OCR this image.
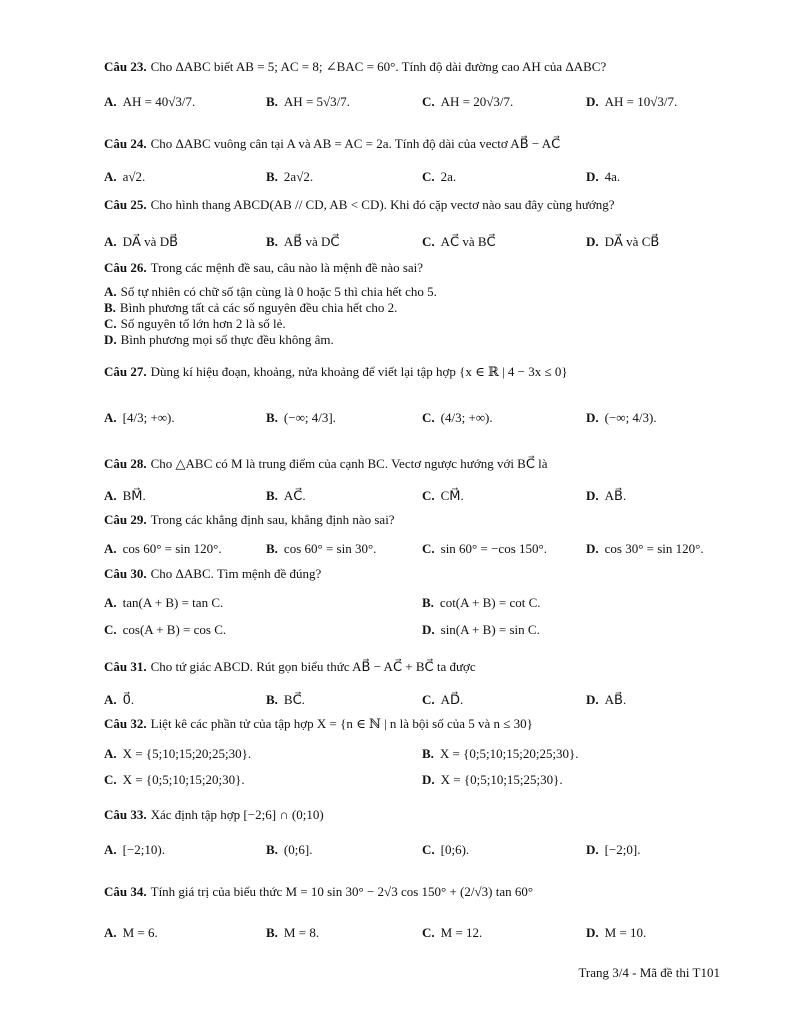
Câu 23. Cho ΔABC biết AB = 5; AC = 8; ∠BAC = 60°. Tính độ dài đường cao AH của ΔABC?
A. AH = 40√3/7.	B. AH = 5√3/7.	C. AH = 20√3/7.	D. AH = 10√3/7.
Câu 24. Cho ΔABC vuông cân tại A và AB = AC = 2a. Tính độ dài của vectơ AB⃗ − AC⃗
A. a√2.	B. 2a√2.	C. 2a.	D. 4a.
Câu 25. Cho hình thang ABCD(AB // CD, AB < CD). Khi đó cặp vectơ nào sau đây cùng hướng?
A. DA⃗ và DB⃗	B. AB⃗ và DC⃗	C. AC⃗ và BC⃗	D. DA⃗ và CB⃗
Câu 26. Trong các mệnh đề sau, câu nào là mệnh đề nào sai?
A. Số tự nhiên có chữ số tận cùng là 0 hoặc 5 thì chia hết cho 5.
B. Bình phương tất cả các số nguyên đều chia hết cho 2.
C. Số nguyên tố lớn hơn 2 là số lẻ.
D. Bình phương mọi số thực đều không âm.
Câu 27. Dùng kí hiệu đoạn, khoảng, nửa khoảng để viết lại tập hợp {x ∈ ℝ | 4 − 3x ≤ 0}
A. [4/3; +∞).	B. (−∞; 4/3].	C. (4/3; +∞).	D. (−∞; 4/3).
Câu 28. Cho △ABC có M là trung điểm của cạnh BC. Vectơ ngược hướng với BC⃗ là
A. BM⃗.	B. AC⃗.	C. CM⃗.	D. AB⃗.
Câu 29. Trong các khẳng định sau, khẳng định nào sai?
A. cos 60° = sin 120°.	B. cos 60° = sin 30°.	C. sin 60° = −cos 150°.	D. cos 30° = sin 120°.
Câu 30. Cho ΔABC. Tìm mệnh đề đúng?
A. tan(A + B) = tan C.	B. cot(A + B) = cot C.
C. cos(A + B) = cos C.	D. sin(A + B) = sin C.
Câu 31. Cho tứ giác ABCD. Rút gọn biểu thức AB⃗ − AC⃗ + BC⃗ ta được
A. 0⃗.	B. BC⃗.	C. AD⃗.	D. AB⃗.
Câu 32. Liệt kê các phần tử của tập hợp X = {n ∈ ℕ | n là bội số của 5 và n ≤ 30}
A. X = {5;10;15;20;25;30}.	B. X = {0;5;10;15;20;25;30}.
C. X = {0;5;10;15;20;30}.	D. X = {0;5;10;15;25;30}.
Câu 33. Xác định tập hợp [−2;6] ∩ (0;10)
A. [−2;10).	B. (0;6].	C. [0;6).	D. [−2;0].
Câu 34. Tính giá trị của biểu thức M = 10 sin 30° − 2√3 cos 150° + (2/√3) tan 60°
A. M = 6.	B. M = 8.	C. M = 12.	D. M = 10.
Trang 3/4 - Mã đề thi T101
